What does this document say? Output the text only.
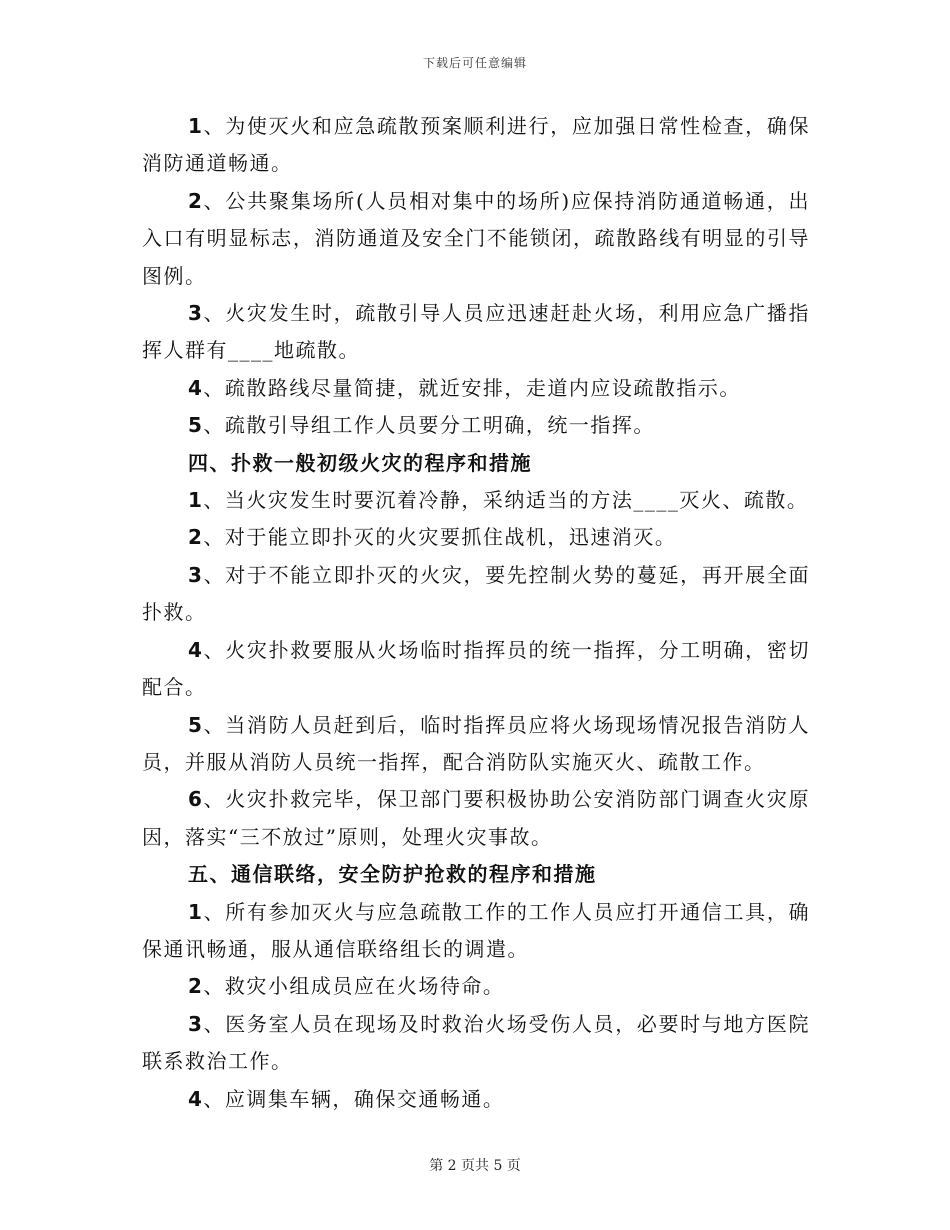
下载后可任意编辑

1、为使灭火和应急疏散预案顺利进行，应加强日常性检查，确保消防通道畅通。

2、公共聚集场所(人员相对集中的场所)应保持消防通道畅通，出入口有明显标志，消防通道及安全门不能锁闭，疏散路线有明显的引导图例。

3、火灾发生时，疏散引导人员应迅速赶赴火场，利用应急广播指挥人群有____地疏散。

4、疏散路线尽量简捷，就近安排，走道内应设疏散指示。

5、疏散引导组工作人员要分工明确，统一指挥。

四、扑救一般初级火灾的程序和措施

1、当火灾发生时要沉着冷静，采纳适当的方法____灭火、疏散。

2、对于能立即扑灭的火灾要抓住战机，迅速消灭。

3、对于不能立即扑灭的火灾，要先控制火势的蔓延，再开展全面扑救。

4、火灾扑救要服从火场临时指挥员的统一指挥，分工明确，密切配合。

5、当消防人员赶到后，临时指挥员应将火场现场情况报告消防人员，并服从消防人员统一指挥，配合消防队实施灭火、疏散工作。

6、火灾扑救完毕，保卫部门要积极协助公安消防部门调查火灾原因，落实“三不放过”原则，处理火灾事故。

五、通信联络，安全防护抢救的程序和措施

1、所有参加灭火与应急疏散工作的工作人员应打开通信工具，确保通讯畅通，服从通信联络组长的调遣。

2、救灾小组成员应在火场待命。

3、医务室人员在现场及时救治火场受伤人员，必要时与地方医院联系救治工作。

4、应调集车辆，确保交通畅通。

第 2 页共 5 页
